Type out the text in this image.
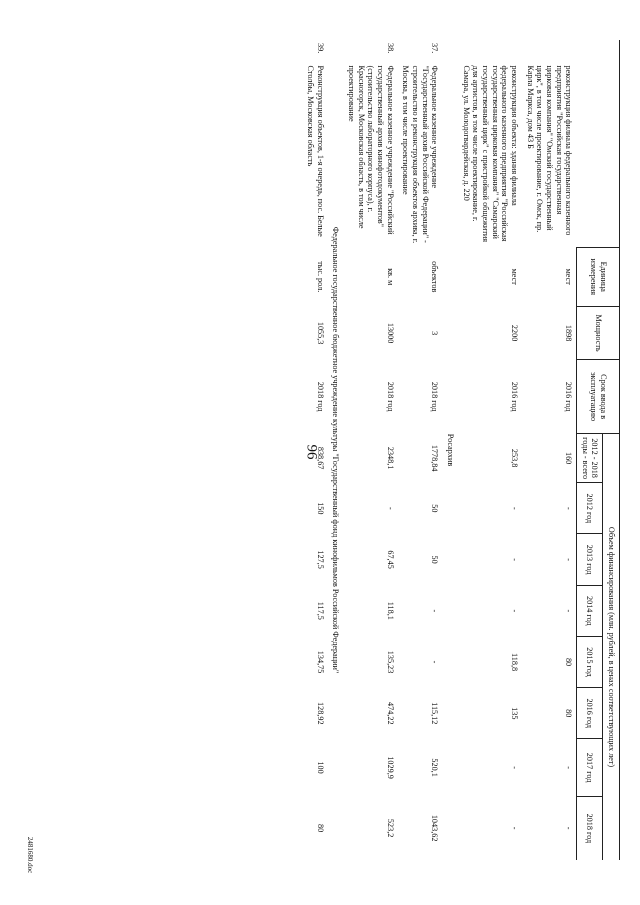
96
2481680.doc
		Единица измерения	Мощность	Срок ввода в эксплуатацию	Объем финансирования (млн. рублей, в ценах соответствующих лет)							
					2012 - 2018 годы - всего	2012 год	2013 год	2014 год	2015 год	2016 год	2017 год	2018 год
	реконструкция филиала федерального казенного предприятия "Российская государственная цирковая компания" "Омский государственный цирк", в том числе проектирование, г. Омск, пр. Карла Маркса, дом 43 Б	мест	1898	2016 год	160	-	-	-	80	80	-	-
	реконструкция объекта: здания филиала федерального казенного предприятия "Российская государственная цирковая компания" "Самарский государственный цирк" с пристройкой общежития для артистов, в том числе проектирование, г. Самара, ул. Молодогвардейская, д. 220	мест	2200	2016 год	253,8	-	-	-	118,8	135	-	-
Росархив												
37.	Федеральное казенное учреждение "Государственный архив Российской Федерации" - строительство и реконструкция объектов архива, г. Москва, в том числе проектирование	объектов	3	2018 год	1778,84	50	50	-	-	115,12	520,1	1043,62
38.	Федеральное казенное учреждение "Российский государственный архив кинофотодокументов" (строительство лабораторного корпуса), г. Красногорск, Московская область, в том числе проектирование	кв. м	13000	2018 год	2348,1	-	67,45	118,1	135,23	474,22	1029,9	523,2
Федеральное государственное бюджетное учреждение культуры "Государственный фонд кинофильмов Российской Федерации"												
39.	Реконструкция объектов, 1-я очередь, пос. Белые Столбы, Московская область	тыс. рол.	1055,3	2018 год	838,67	150	127,5	117,5	134,75	128,92	100	80
